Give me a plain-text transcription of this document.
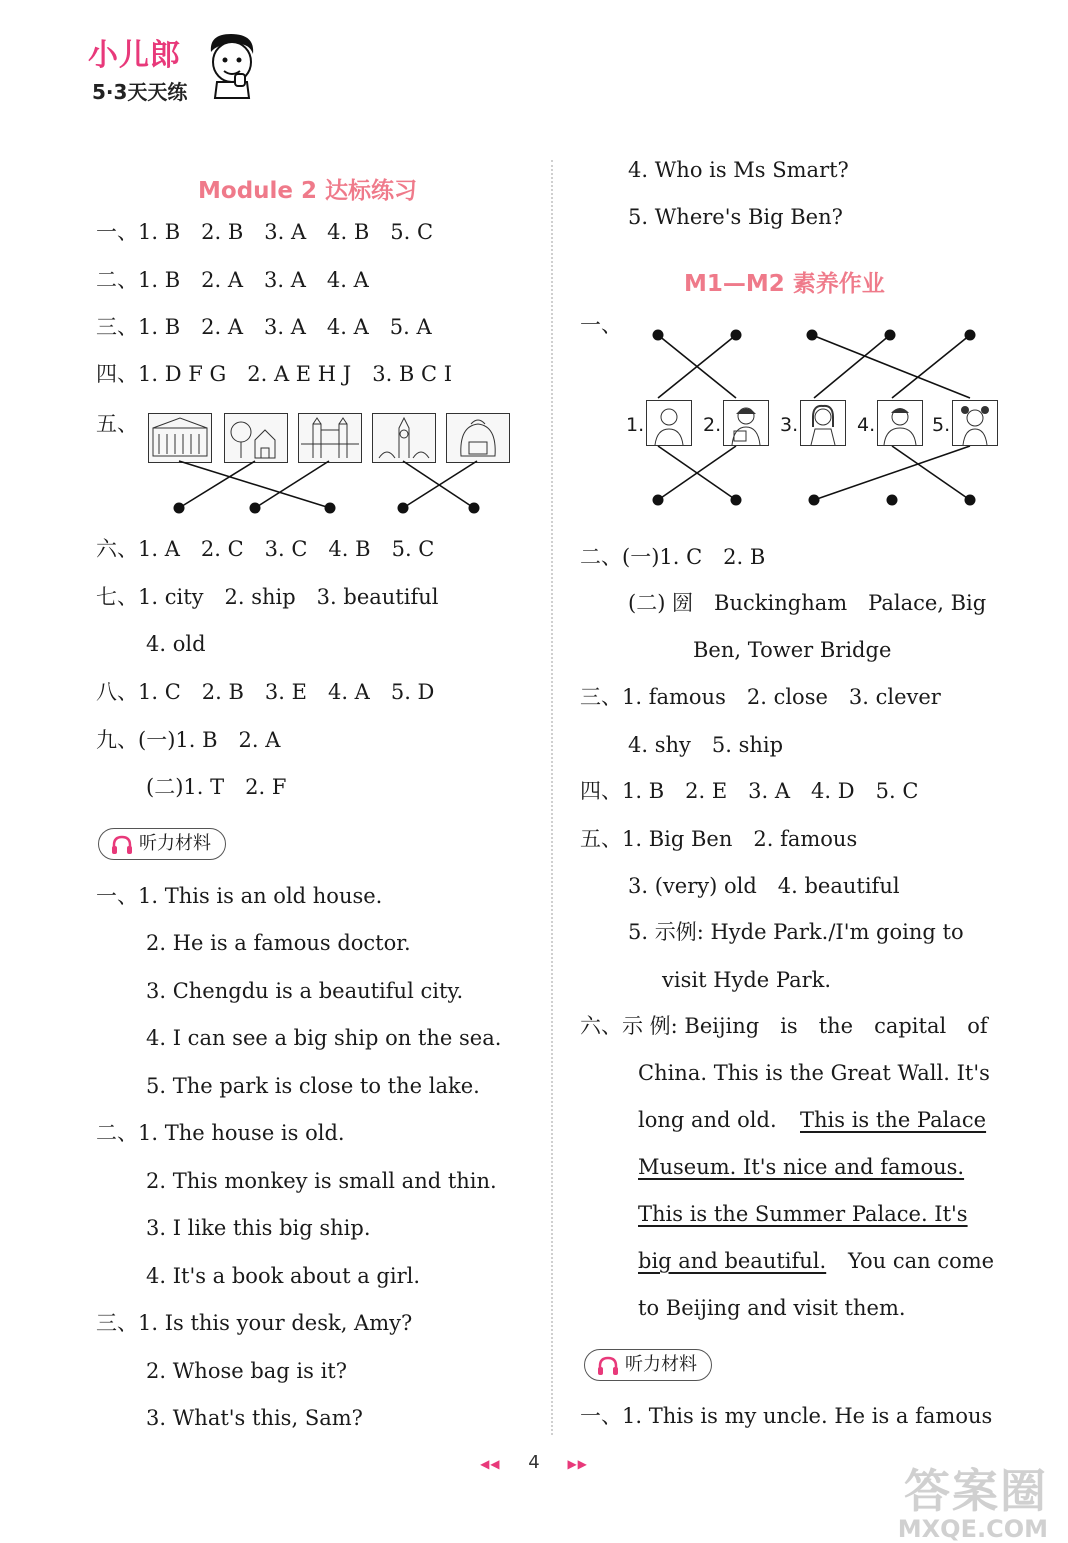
小儿郎
5·3天天练
Module 2 达标练习
一、1. B　2. B　3. A　4. B　5. C
二、1. B　2. A　3. A　4. A
三、1. B　2. A　3. A　4. A　5. A
四、1. D F G　2. A E H J　3. B C I
五、
六、1. A　2. C　3. C　4. B　5. C
七、1. city　2. ship　3. beautiful
4. old
八、1. C　2. B　3. E　4. A　5. D
九、(一)1. B　2. A
(二)1. T　2. F
听力材料
一、1. This is an old house.
2. He is a famous doctor.
3. Chengdu is a beautiful city.
4. I can see a big ship on the sea.
5. The park is close to the lake.
二、1. The house is old.
2. This monkey is small and thin.
3. I like this big ship.
4. It's a book about a girl.
三、1. Is this your desk, Amy?
2. Whose bag is it?
3. What's this, Sam?
4. Who is Ms Smart?
5. Where's Big Ben?
M1—M2 素养作业
一、
1.	2.	3.	4.	5.
二、(一)1. C　2. B
(二) 圀　Buckingham　Palace, Big
Ben, Tower Bridge
三、1. famous　2. close　3. clever
4. shy　5. ship
四、1. B　2. E　3. A　4. D　5. C
五、1. Big Ben　2. famous
3. (very) old　4. beautiful
5. 示例: Hyde Park./I'm going to
visit Hyde Park.
六、示 例: Beijing　is　the　capital　of
China. This is the Great Wall. It's
long and old. This is the Palace
Museum. It's nice and famous.
This is the Summer Palace. It's
big and beautiful. You can come
to Beijing and visit them.
听力材料
一、1. This is my uncle. He is a famous
◀◀ 4 ▶▶	答案圈
MXQE.COM
